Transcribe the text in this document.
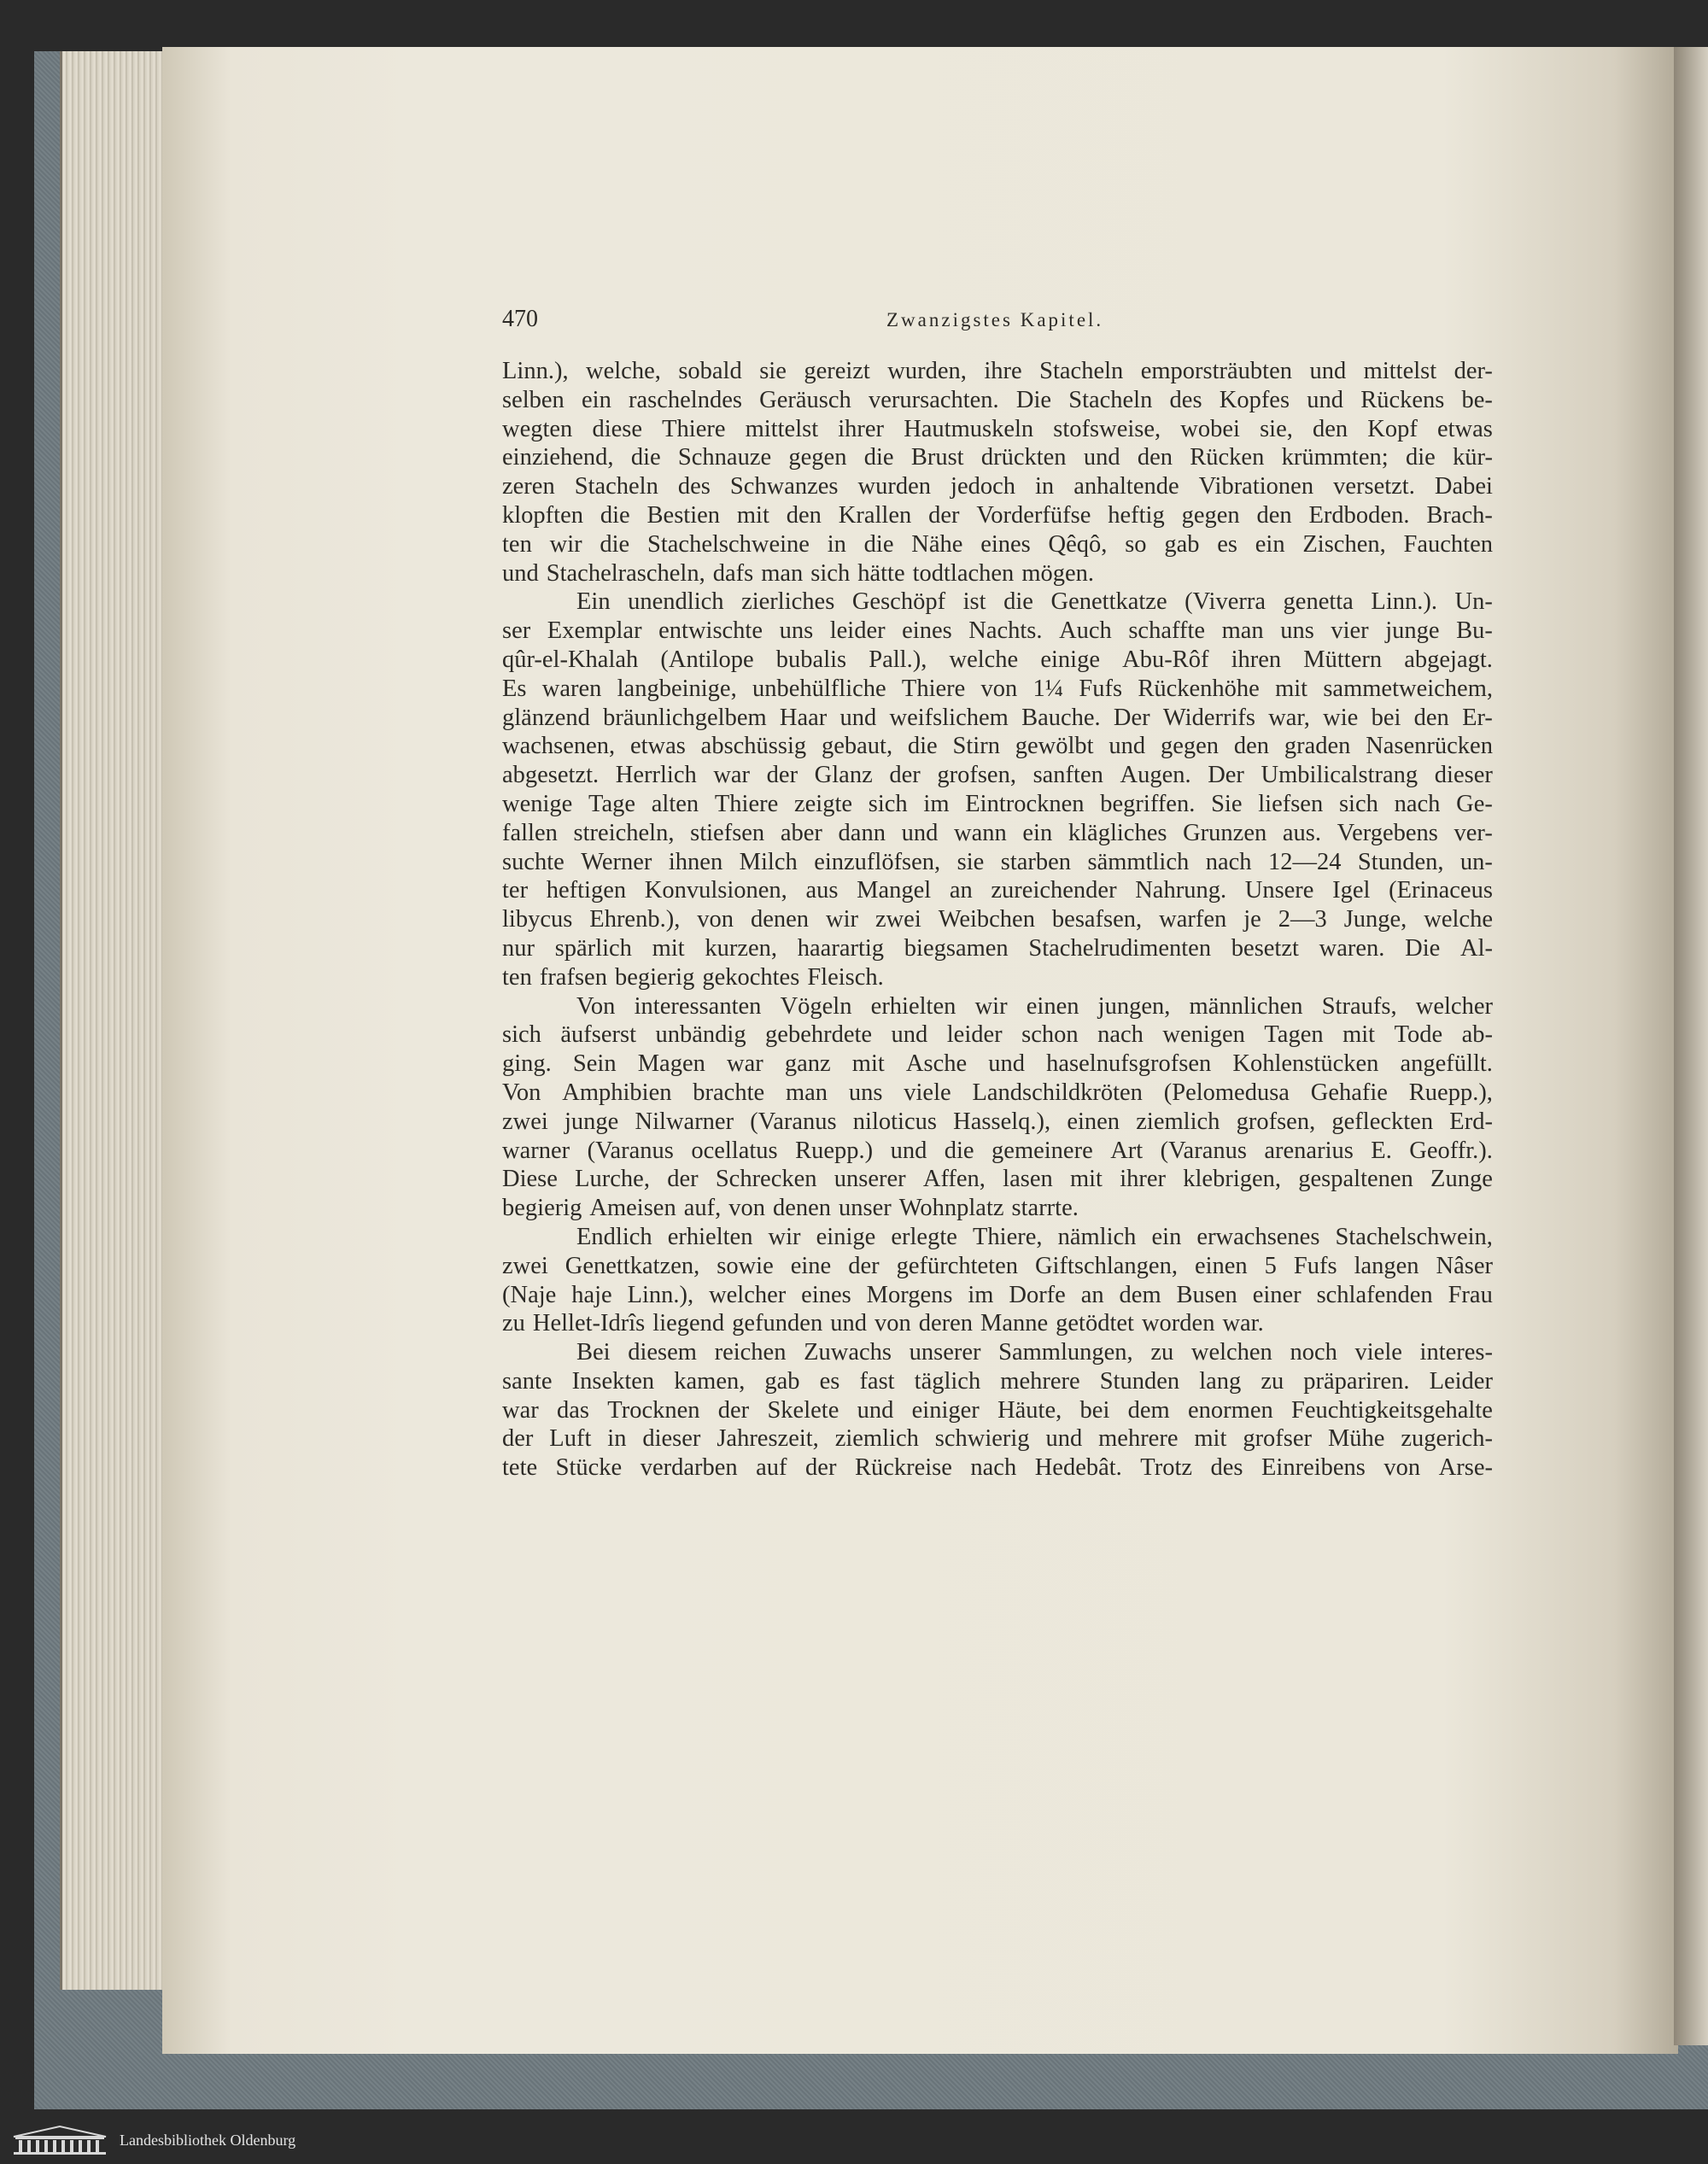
470	Zwanzigstes Kapitel.
Linn.), welche, sobald sie gereizt wurden, ihre Stacheln emporsträubten und mittelst der-
selben ein raschelndes Geräusch verursachten. Die Stacheln des Kopfes und Rückens be-
wegten diese Thiere mittelst ihrer Hautmuskeln stofsweise, wobei sie, den Kopf etwas
einziehend, die Schnauze gegen die Brust drückten und den Rücken krümmten; die kür-
zeren Stacheln des Schwanzes wurden jedoch in anhaltende Vibrationen versetzt. Dabei
klopften die Bestien mit den Krallen der Vorderfüfse heftig gegen den Erdboden. Brach-
ten wir die Stachelschweine in die Nähe eines Qêqô, so gab es ein Zischen, Fauchten
und Stachelrascheln, dafs man sich hätte todtlachen mögen.
Ein unendlich zierliches Geschöpf ist die Genettkatze (Viverra genetta Linn.). Un-
ser Exemplar entwischte uns leider eines Nachts. Auch schaffte man uns vier junge Bu-
qûr-el-Khalah (Antilope bubalis Pall.), welche einige Abu-Rôf ihren Müttern abgejagt.
Es waren langbeinige, unbehülfliche Thiere von 1¼ Fufs Rückenhöhe mit sammetweichem,
glänzend bräunlichgelbem Haar und weifslichem Bauche. Der Widerrifs war, wie bei den Er-
wachsenen, etwas abschüssig gebaut, die Stirn gewölbt und gegen den graden Nasenrücken
abgesetzt. Herrlich war der Glanz der grofsen, sanften Augen. Der Umbilicalstrang dieser
wenige Tage alten Thiere zeigte sich im Eintrocknen begriffen. Sie liefsen sich nach Ge-
fallen streicheln, stiefsen aber dann und wann ein klägliches Grunzen aus. Vergebens ver-
suchte Werner ihnen Milch einzuflöfsen, sie starben sämmtlich nach 12—24 Stunden, un-
ter heftigen Konvulsionen, aus Mangel an zureichender Nahrung. Unsere Igel (Erinaceus
libycus Ehrenb.), von denen wir zwei Weibchen besafsen, warfen je 2—3 Junge, welche
nur spärlich mit kurzen, haarartig biegsamen Stachelrudimenten besetzt waren. Die Al-
ten frafsen begierig gekochtes Fleisch.
Von interessanten Vögeln erhielten wir einen jungen, männlichen Straufs, welcher
sich äufserst unbändig gebehrdete und leider schon nach wenigen Tagen mit Tode ab-
ging. Sein Magen war ganz mit Asche und haselnufsgrofsen Kohlenstücken angefüllt.
Von Amphibien brachte man uns viele Landschildkröten (Pelomedusa Gehafie Ruepp.),
zwei junge Nilwarner (Varanus niloticus Hasselq.), einen ziemlich grofsen, gefleckten Erd-
warner (Varanus ocellatus Ruepp.) und die gemeinere Art (Varanus arenarius E. Geoffr.).
Diese Lurche, der Schrecken unserer Affen, lasen mit ihrer klebrigen, gespaltenen Zunge
begierig Ameisen auf, von denen unser Wohnplatz starrte.
Endlich erhielten wir einige erlegte Thiere, nämlich ein erwachsenes Stachelschwein,
zwei Genettkatzen, sowie eine der gefürchteten Giftschlangen, einen 5 Fufs langen Nâser
(Naje haje Linn.), welcher eines Morgens im Dorfe an dem Busen einer schlafenden Frau
zu Hellet-Idrîs liegend gefunden und von deren Manne getödtet worden war.
Bei diesem reichen Zuwachs unserer Sammlungen, zu welchen noch viele interes-
sante Insekten kamen, gab es fast täglich mehrere Stunden lang zu präpariren. Leider
war das Trocknen der Skelete und einiger Häute, bei dem enormen Feuchtigkeitsgehalte
der Luft in dieser Jahreszeit, ziemlich schwierig und mehrere mit grofser Mühe zugerich-
tete Stücke verdarben auf der Rückreise nach Hedebât. Trotz des Einreibens von Arse-
Landesbibliothek Oldenburg
